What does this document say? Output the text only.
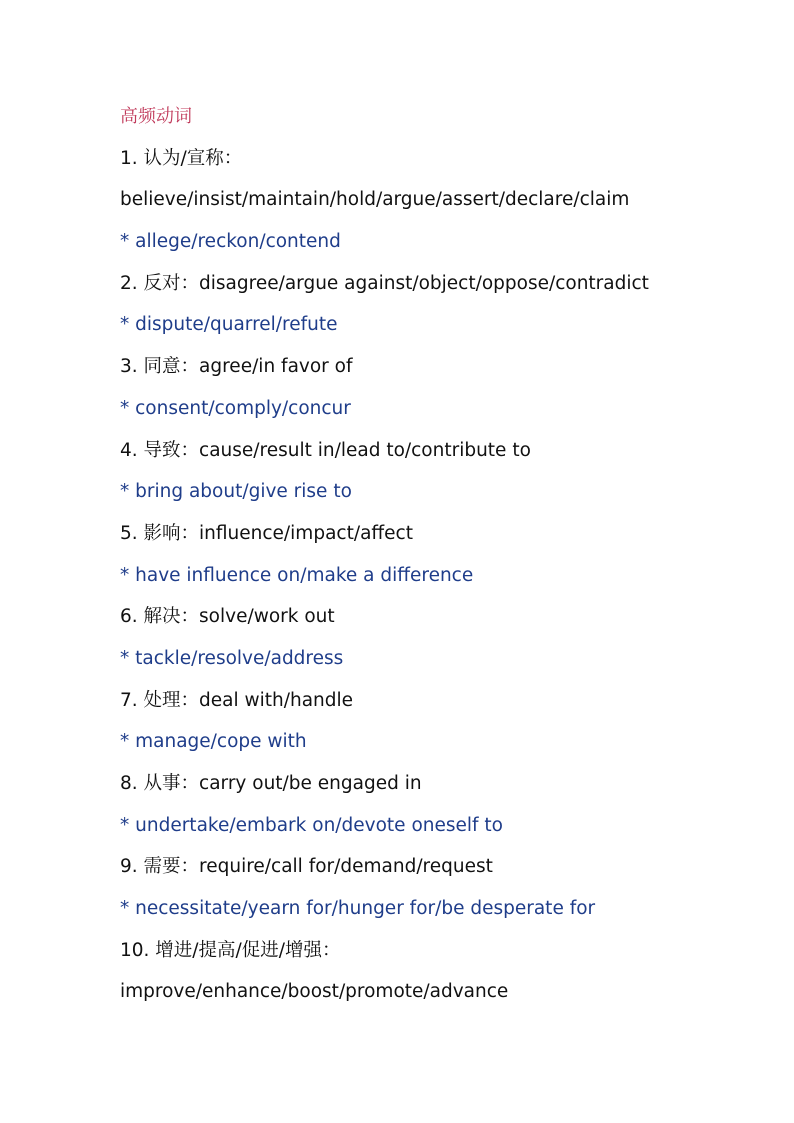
高频动词
1. 认为/宣称：
believe/insist/maintain/hold/argue/assert/declare/claim
* allege/reckon/contend
2. 反对：disagree/argue against/object/oppose/contradict
* dispute/quarrel/refute
3. 同意：agree/in favor of
* consent/comply/concur
4. 导致：cause/result in/lead to/contribute to
* bring about/give rise to
5. 影响：influence/impact/affect
* have influence on/make a difference
6. 解决：solve/work out
* tackle/resolve/address
7. 处理：deal with/handle
* manage/cope with
8. 从事：carry out/be engaged in
* undertake/embark on/devote oneself to
9. 需要：require/call for/demand/request
* necessitate/yearn for/hunger for/be desperate for
10. 增进/提高/促进/增强：
improve/enhance/boost/promote/advance
